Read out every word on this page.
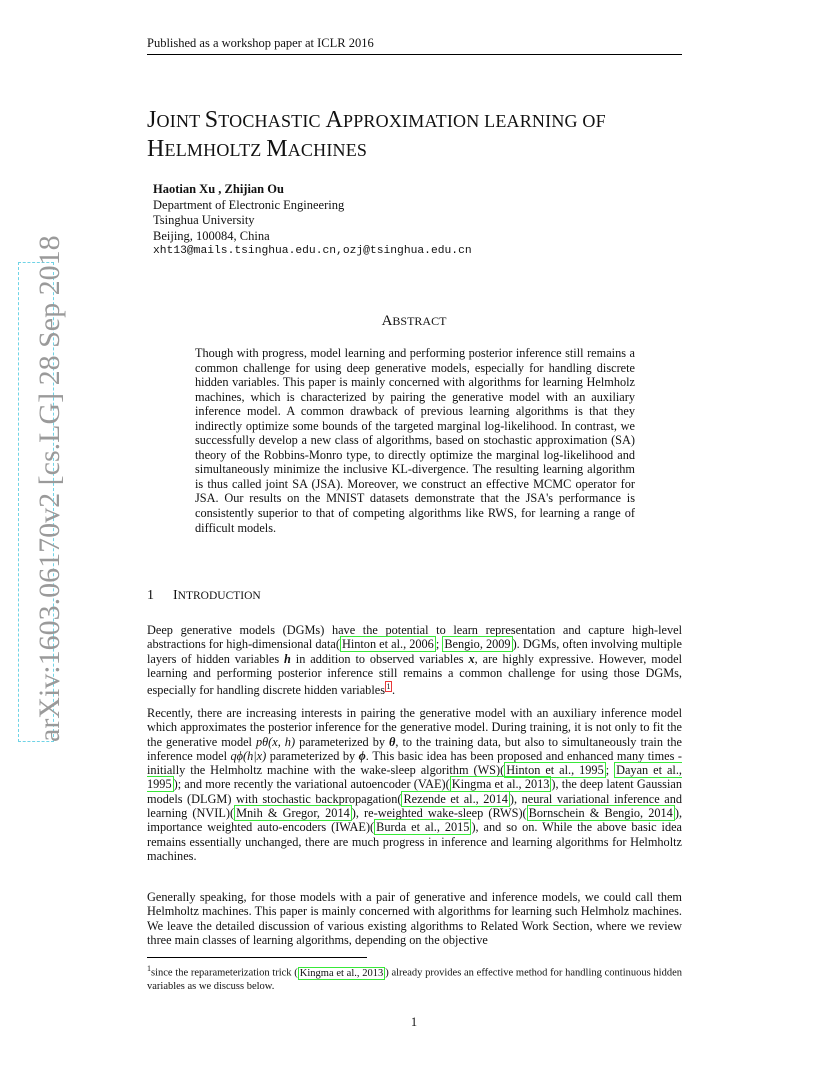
Published as a workshop paper at ICLR 2016
arXiv:1603.06170v2 [cs.LG] 28 Sep 2018
JOINT STOCHASTIC APPROXIMATION LEARNING OF
HELMHOLTZ MACHINES
Haotian Xu , Zhijian Ou
Department of Electronic Engineering
Tsinghua University
Beijing, 100084, China
xht13@mails.tsinghua.edu.cn,ozj@tsinghua.edu.cn
ABSTRACT
Though with progress, model learning and performing posterior inference still remains a common challenge for using deep generative models, especially for handling discrete hidden variables. This paper is mainly concerned with algorithms for learning Helmholz machines, which is characterized by pairing the generative model with an auxiliary inference model. A common drawback of previous learning algorithms is that they indirectly optimize some bounds of the targeted marginal log-likelihood. In contrast, we successfully develop a new class of algorithms, based on stochastic approximation (SA) theory of the Robbins-Monro type, to directly optimize the marginal log-likelihood and simultaneously minimize the inclusive KL-divergence. The resulting learning algorithm is thus called joint SA (JSA). Moreover, we construct an effective MCMC operator for JSA. Our results on the MNIST datasets demonstrate that the JSA's performance is consistently superior to that of competing algorithms like RWS, for learning a range of difficult models.
1 INTRODUCTION
Deep generative models (DGMs) have the potential to learn representation and capture high-level abstractions for high-dimensional data( Hinton et al., 2006 ; Bengio, 2009 ). DGMs, often involving multiple layers of hidden variables h in addition to observed variables x, are highly expressive. However, model learning and performing posterior inference still remains a common challenge for using those DGMs, especially for handling discrete hidden variables $^1$ .
Recently, there are increasing interests in pairing the generative model with an auxiliary inference model which approximates the posterior inference for the generative model. During training, it is not only to fit the the generative model pθ(x, h) parameterized by θ, to the training data, but also to simultaneously train the inference model qϕ(h|x) parameterized by ϕ. This basic idea has been proposed and enhanced many times - initially the Helmholtz machine with the wake-sleep algorithm (WS)( Hinton et al., 1995 ; Dayan et al., 1995 ); and more recently the variational autoencoder (VAE)( Kingma et al., 2013 ), the deep latent Gaussian models (DLGM) with stochastic backpropagation( Rezende et al., 2014 ), neural variational inference and learning (NVIL)( Mnih & Gregor, 2014 ), re-weighted wake-sleep (RWS)( Bornschein & Bengio, 2014 ), importance weighted auto-encoders (IWAE)( Burda et al., 2015 ), and so on. While the above basic idea remains essentially unchanged, there are much progress in inference and learning algorithms for Helmholtz machines.
Generally speaking, for those models with a pair of generative and inference models, we could call them Helmholtz machines. This paper is mainly concerned with algorithms for learning such Helmholz machines. We leave the detailed discussion of various existing algorithms to Related Work Section, where we review three main classes of learning algorithms, depending on the objective
$^1$since the reparameterization trick ( Kingma et al., 2013 ) already provides an effective method for handling continuous hidden variables as we discuss below.
1
